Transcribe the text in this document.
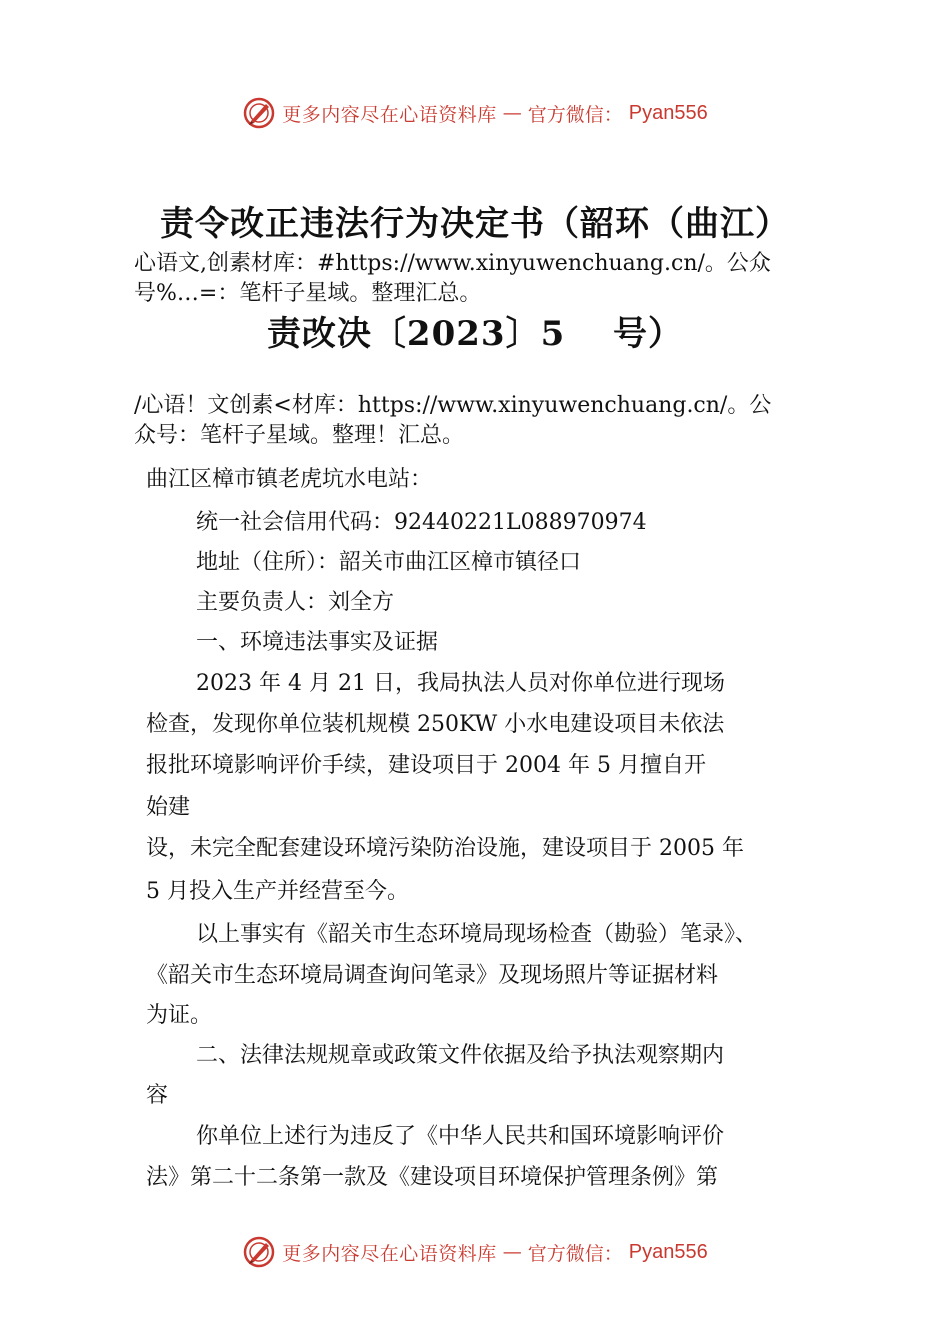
更多内容尽在心语资料库 — 官方微信： Pyan556
责令改正违法行为决定书（韶环（曲江）
心语文,创素材库：#https://www.xinyuwenchuang.cn/。公众
号%…=：笔杆子星域。整理汇总。
责改决〔2023〕5　 号）
/心语！文创素<材库：https://www.xinyuwenchuang.cn/。公
众号：笔杆子星域。整理！汇总。
曲江区樟市镇老虎坑水电站：
统一社会信用代码：92440221L088970974
地址（住所）：韶关市曲江区樟市镇径口
主要负责人：刘全方
一、环境违法事实及证据
2023 年 4 月 21 日，我局执法人员对你单位进行现场
检查，发现你单位装机规模 250KW 小水电建设项目未依法
报批环境影响评价手续，建设项目于 2004 年 5 月擅自开
始建
设，未完全配套建设环境污染防治设施，建设项目于 2005 年
5 月投入生产并经营至今。
以上事实有《韶关市生态环境局现场检查（勘验）笔录》、
《韶关市生态环境局调查询问笔录》及现场照片等证据材料
为证。
二、法律法规规章或政策文件依据及给予执法观察期内
容
你单位上述行为违反了《中华人民共和国环境影响评价
法》第二十二条第一款及《建设项目环境保护管理条例》第
更多内容尽在心语资料库 — 官方微信： Pyan556
